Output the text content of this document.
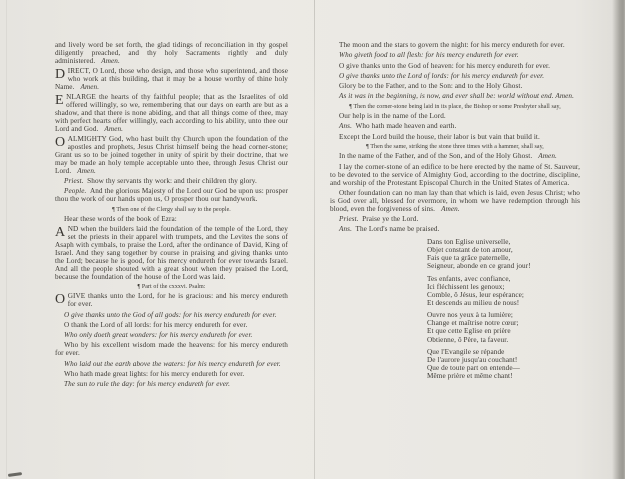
and lively word be set forth, the glad tidings of reconciliation in thy gospel diligently preached, and thy holy Sacraments rightly and duly administered. Amen.

DIRECT, O Lord, those who design, and those who superintend, and those who work at this building, that it may be a house worthy of thine holy Name. Amen.

ENLARGE the hearts of thy faithful people; that as the Israelites of old offered willingly, so we, remembering that our days on earth are but as a shadow, and that there is none abiding, and that all things come of thee, may with perfect hearts offer willingly, each according to his ability, unto thee our Lord and God. Amen.

OALMIGHTY God, who hast built thy Church upon the foundation of the apostles and prophets, Jesus Christ himself being the head corner-stone; Grant us so to be joined together in unity of spirit by their doctrine, that we may be made an holy temple acceptable unto thee, through Jesus Christ our Lord. Amen.

Priest. Show thy servants thy work: and their children thy glory.

People. And the glorious Majesty of the Lord our God be upon us: prosper thou the work of our hands upon us, O prosper thou our handywork.

¶ Then one of the Clergy shall say to the people.

Hear these words of the book of Ezra:

AND when the builders laid the foundation of the temple of the Lord, they set the priests in their apparel with trumpets, and the Levites the sons of Asaph with cymbals, to praise the Lord, after the ordinance of David, King of Israel. And they sang together by course in praising and giving thanks unto the Lord; because he is good, for his mercy endureth for ever towards Israel. And all the people shouted with a great shout when they praised the Lord, because the foundation of the house of the Lord was laid.

¶ Part of the cxxxvi. Psalm:

OGIVE thanks unto the Lord, for he is gracious: and his mercy endureth for ever.

O give thanks unto the God of all gods: for his mercy endureth for ever.

O thank the Lord of all lords: for his mercy endureth for ever.

Who only doeth great wonders: for his mercy endureth for ever.

Who by his excellent wisdom made the heavens: for his mercy endureth for ever.

Who laid out the earth above the waters: for his mercy endureth for ever.

Who hath made great lights: for his mercy endureth for ever.

The sun to rule the day: for his mercy endureth for ever.

The moon and the stars to govern the night: for his mercy endureth for ever.

Who giveth food to all flesh: for his mercy endureth for ever.

O give thanks unto the God of heaven: for his mercy endureth for ever.

O give thanks unto the Lord of lords: for his mercy endureth for ever.

Glory be to the Father, and to the Son: and to the Holy Ghost.

As it was in the beginning, is now, and ever shall be: world without end. Amen.

¶ Then the corner-stone being laid in its place, the Bishop or some Presbyter shall say,

Our help is in the name of the Lord.

Ans. Who hath made heaven and earth.

Except the Lord build the house, their labor is but vain that build it.

¶ Then the same, striking the stone three times with a hammer, shall say,

In the name of the Father, and of the Son, and of the Holy Ghost. Amen.

I lay the corner-stone of an edifice to be here erected by the name of St. Sauveur, to be devoted to the service of Almighty God, according to the doctrine, discipline, and worship of the Protestant Episcopal Church in the United States of America.

Other foundation can no man lay than that which is laid, even Jesus Christ; who is God over all, blessed for evermore, in whom we have redemption through his blood, even the forgiveness of sins. Amen.

Priest. Praise ye the Lord.

Ans. The Lord's name be praised.

Dans ton Eglise universelle,
Objet constant de ton amour,
Fais que ta grâce paternelle,
Seigneur, abonde en ce grand jour!
Tes enfants, avec confiance,
Ici fléchissent les genoux;
Comble, ô Jésus, leur espérance;
Et descends au milieu de nous!
Ouvre nos yeux à ta lumière;
Change et maîtrise notre cœur;
Et que cette Eglise en prière
Obtienne, ô Père, ta faveur.
Que l'Evangile se répande
De l'aurore jusqu'au couchant!
Que de toute part on entende—
Même prière et même chant!
